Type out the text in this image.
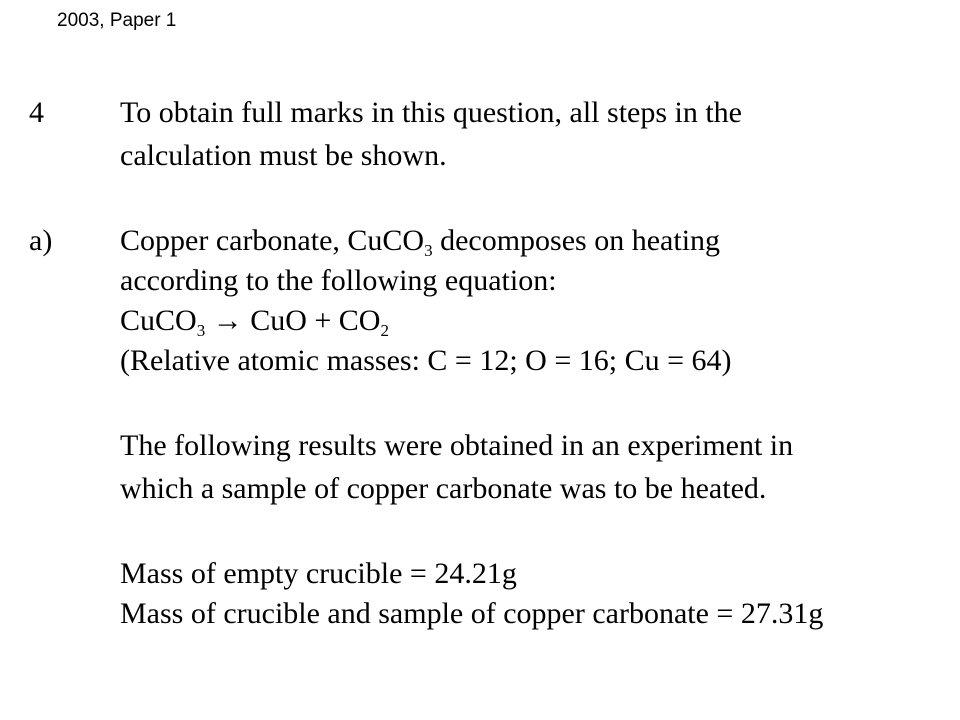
2003, Paper 1
4	To obtain full marks in this question, all steps in the
calculation must be shown.
a) Copper carbonate, CuCO$_3$ decomposes on heating
according to the following equation:
CuCO$_3$ → CuO + $CO_2$
(Relative atomic masses: C = 12; O = 16; Cu = 64)
The following results were obtained in an experiment in
which a sample of copper carbonate was to be heated.
Mass of empty crucible = 24.21g
Mass of crucible and sample of copper carbonate = 27.31g
